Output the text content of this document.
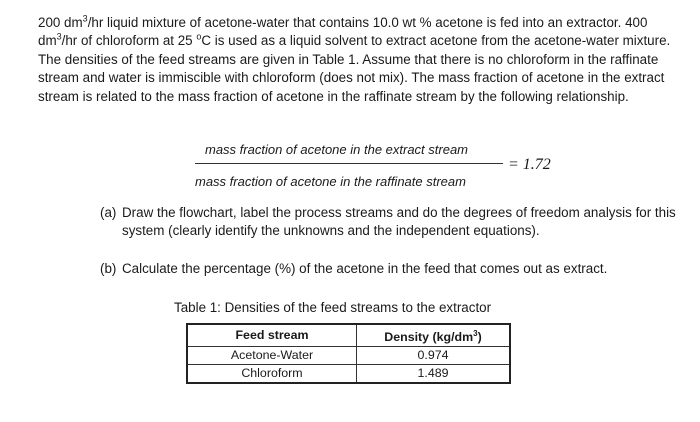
200 $dm^3/hr$ liquid mixture of acetone-water that contains 10.0 wt % acetone is fed into an extractor. 400 $dm^3/hr$ of chloroform at 25 $^o$C is used as a liquid solvent to extract acetone from the acetone-water mixture. The densities of the feed streams are given in Table 1. Assume that there is no chloroform in the raffinate stream and water is immiscible with chloroform (does not mix). The mass fraction of acetone in the extract stream is related to the mass fraction of acetone in the raffinate stream by the following relationship.
mass fraction of acetone in the extract stream
mass fraction of acetone in the raffinate stream
= 1.72
(a) Draw the flowchart, label the process streams and do the degrees of freedom analysis for this system (clearly identify the unknowns and the independent equations).
(b) Calculate the percentage (%) of the acetone in the feed that comes out as extract.
Table 1: Densities of the feed streams to the extractor
Feed stream	Density $(kg/dm^3)$
Acetone-Water	0.974
Chloroform	1.489
